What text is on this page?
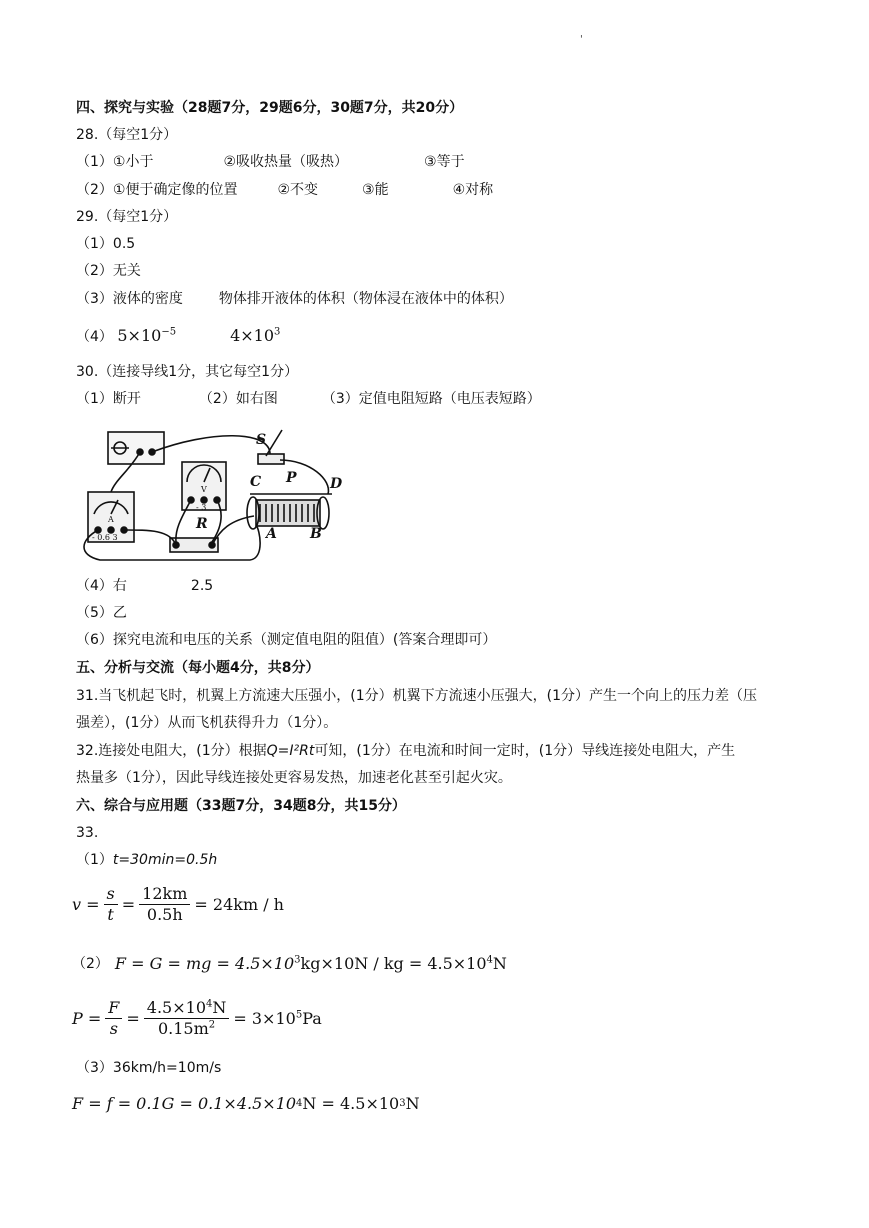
'
四、探究与实验（28题7分，29题6分，30题7分，共20分）
28.（每空1分）
（1）①小于	②吸收热量（吸热）	③等于
（2）①便于确定像的位置	②不变	③能	④对称
29.（每空1分）
（1）0.5
（2）无关
（3）液体的密度	物体排开液体的体积（物体浸在液体中的体积）
（4） $5\times 10^{-5}$	$4\times 10^3$
30.（连接导线1分，其它每空1分）
（1）断开	（2）如右图	（3）定值电阻短路（电压表短路）
S
P
C	D
A B
R
V
- 3
A
- 0.6 3
（4）右	2.5
（5）乙
（6）探究电流和电压的关系（测定值电阻的阻值）(答案合理即可）
五、分析与交流（每小题4分，共8分）
31.当飞机起飞时，机翼上方流速大压强小，(1分）机翼下方流速小压强大，(1分）产生一个向上的压力差（压
强差），(1分）从而飞机获得升力（1分）。
32.连接处电阻大，(1分）根据Q=I²Rt可知，(1分）在电流和时间一定时，(1分）导线连接处电阻大，产生
热量多（1分），因此导线连接处更容易发热，加速老化甚至引起火灾。
六、综合与应用题（33题7分，34题8分，共15分）
33.
（1）t=30min=0.5h
$v = \frac{s}{t} = \frac{12km}{0.5h} = 24km / h$
（2） F = G = mg = $4.5\times 10^3kg\times 10N$ / kg = $4.5\times 10^4N$
$P = \frac{F}{s} = \frac{4.5\times 10^4N}{0.15m^2} = 3\times 10^5Pa$
（3）36km/h=10m/s
F = f = 0.1G = 0.1×4.5×10 4 N = 4.5×10 3 N
